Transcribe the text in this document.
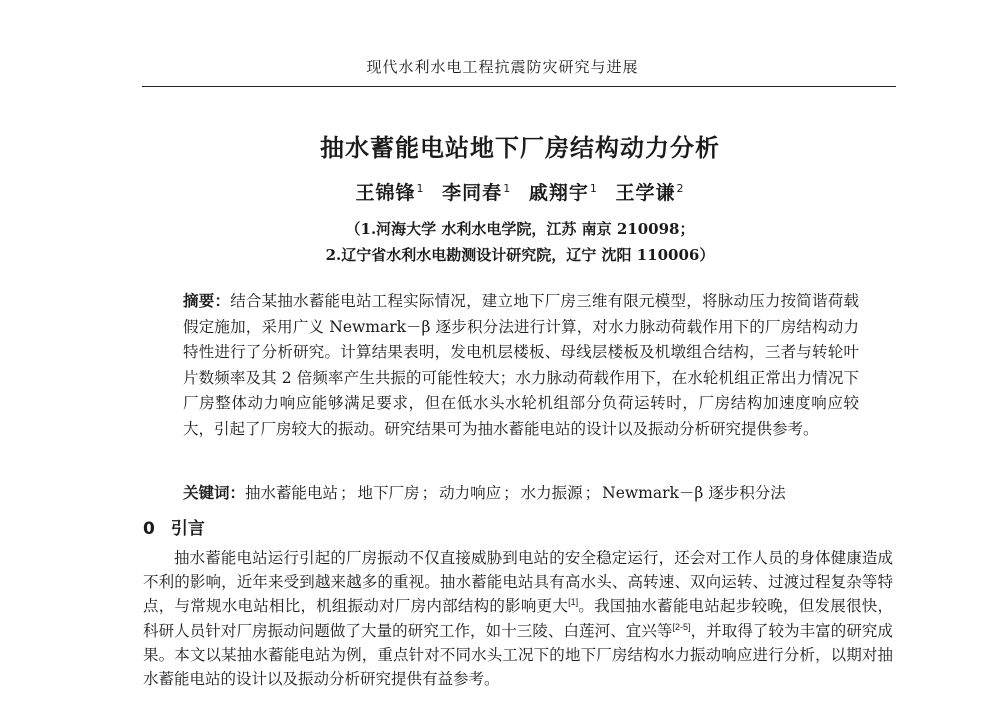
现代水利水电工程抗震防灾研究与进展
抽水蓄能电站地下厂房结构动力分析
王锦锋$^1$ 李同春$^1$ 戚翔宇$^1$ 王学谦$^2$
（1.河海大学 水利水电学院，江苏 南京 210098；
2.辽宁省水利水电勘测设计研究院，辽宁 沈阳 110006）
摘要：结合某抽水蓄能电站工程实际情况，建立地下厂房三维有限元模型，将脉动压力按简谐荷载假定施加，采用广义 Newmark－β 逐步积分法进行计算，对水力脉动荷载作用下的厂房结构动力特性进行了分析研究。计算结果表明，发电机层楼板、母线层楼板及机墩组合结构，三者与转轮叶片数频率及其 2 倍频率产生共振的可能性较大；水力脉动荷载作用下，在水轮机组正常出力情况下厂房整体动力响应能够满足要求，但在低水头水轮机组部分负荷运转时，厂房结构加速度响应较大，引起了厂房较大的振动。研究结果可为抽水蓄能电站的设计以及振动分析研究提供参考。
关键词：抽水蓄能电站 ； 地下厂房 ； 动力响应 ； 水力振源 ； Newmark－β 逐步积分法
0 引言
抽水蓄能电站运行引起的厂房振动不仅直接威胁到电站的安全稳定运行，还会对工作人员的身体健康造成不利的影响，近年来受到越来越多的重视。抽水蓄能电站具有高水头、高转速、双向运转、过渡过程复杂等特点，与常规水电站相比，机组振动对厂房内部结构的影响更大[1]。我国抽水蓄能电站起步较晚，但发展很快，科研人员针对厂房振动问题做了大量的研究工作，如十三陵、白莲河、宜兴等[2-5]，并取得了较为丰富的研究成果。本文以某抽水蓄能电站为例，重点针对不同水头工况下的地下厂房结构水力振动响应进行分析，以期对抽水蓄能电站的设计以及振动分析研究提供有益参考。
